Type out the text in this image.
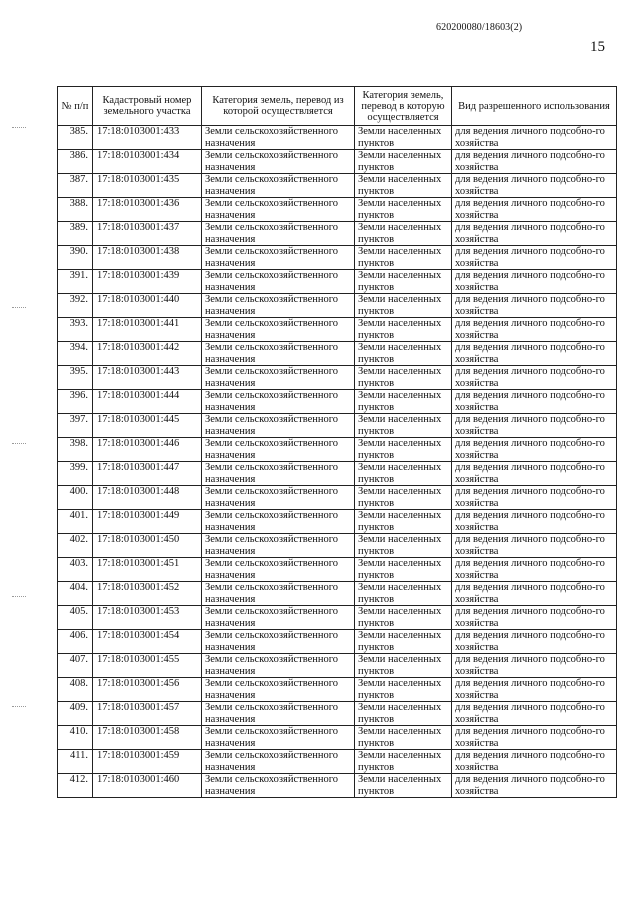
620200080/18603(2)
15
№ п/п	Кадастровый номер земельного участка	Категория земель, перевод из которой осуществляется	Категория земель, перевод в которую осуществляется	Вид разрешенного использования
385.	17:18:0103001:433	Земли сельскохозяйственного назначения	Земли населенных пунктов	для ведения личного подсобно-го хозяйства
386.	17:18:0103001:434	Земли сельскохозяйственного назначения	Земли населенных пунктов	для ведения личного подсобно-го хозяйства
387.	17:18:0103001:435	Земли сельскохозяйственного назначения	Земли населенных пунктов	для ведения личного подсобно-го хозяйства
388.	17:18:0103001:436	Земли сельскохозяйственного назначения	Земли населенных пунктов	для ведения личного подсобно-го хозяйства
389.	17:18:0103001:437	Земли сельскохозяйственного назначения	Земли населенных пунктов	для ведения личного подсобно-го хозяйства
390.	17:18:0103001:438	Земли сельскохозяйственного назначения	Земли населенных пунктов	для ведения личного подсобно-го хозяйства
391.	17:18:0103001:439	Земли сельскохозяйственного назначения	Земли населенных пунктов	для ведения личного подсобно-го хозяйства
392.	17:18:0103001:440	Земли сельскохозяйственного назначения	Земли населенных пунктов	для ведения личного подсобно-го хозяйства
393.	17:18:0103001:441	Земли сельскохозяйственного назначения	Земли населенных пунктов	для ведения личного подсобно-го хозяйства
394.	17:18:0103001:442	Земли сельскохозяйственного назначения	Земли населенных пунктов	для ведения личного подсобно-го хозяйства
395.	17:18:0103001:443	Земли сельскохозяйственного назначения	Земли населенных пунктов	для ведения личного подсобно-го хозяйства
396.	17:18:0103001:444	Земли сельскохозяйственного назначения	Земли населенных пунктов	для ведения личного подсобно-го хозяйства
397.	17:18:0103001:445	Земли сельскохозяйственного назначения	Земли населенных пунктов	для ведения личного подсобно-го хозяйства
398.	17:18:0103001:446	Земли сельскохозяйственного назначения	Земли населенных пунктов	для ведения личного подсобно-го хозяйства
399.	17:18:0103001:447	Земли сельскохозяйственного назначения	Земли населенных пунктов	для ведения личного подсобно-го хозяйства
400.	17:18:0103001:448	Земли сельскохозяйственного назначения	Земли населенных пунктов	для ведения личного подсобно-го хозяйства
401.	17:18:0103001:449	Земли сельскохозяйственного назначения	Земли населенных пунктов	для ведения личного подсобно-го хозяйства
402.	17:18:0103001:450	Земли сельскохозяйственного назначения	Земли населенных пунктов	для ведения личного подсобно-го хозяйства
403.	17:18:0103001:451	Земли сельскохозяйственного назначения	Земли населенных пунктов	для ведения личного подсобно-го хозяйства
404.	17:18:0103001:452	Земли сельскохозяйственного назначения	Земли населенных пунктов	для ведения личного подсобно-го хозяйства
405.	17:18:0103001:453	Земли сельскохозяйственного назначения	Земли населенных пунктов	для ведения личного подсобно-го хозяйства
406.	17:18:0103001:454	Земли сельскохозяйственного назначения	Земли населенных пунктов	для ведения личного подсобно-го хозяйства
407.	17:18:0103001:455	Земли сельскохозяйственного назначения	Земли населенных пунктов	для ведения личного подсобно-го хозяйства
408.	17:18:0103001:456	Земли сельскохозяйственного назначения	Земли населенных пунктов	для ведения личного подсобно-го хозяйства
409.	17:18:0103001:457	Земли сельскохозяйственного назначения	Земли населенных пунктов	для ведения личного подсобно-го хозяйства
410.	17:18:0103001:458	Земли сельскохозяйственного назначения	Земли населенных пунктов	для ведения личного подсобно-го хозяйства
411.	17:18:0103001:459	Земли сельскохозяйственного назначения	Земли населенных пунктов	для ведения личного подсобно-го хозяйства
412.	17:18:0103001:460	Земли сельскохозяйственного назначения	Земли населенных пунктов	для ведения личного подсобно-го хозяйства
